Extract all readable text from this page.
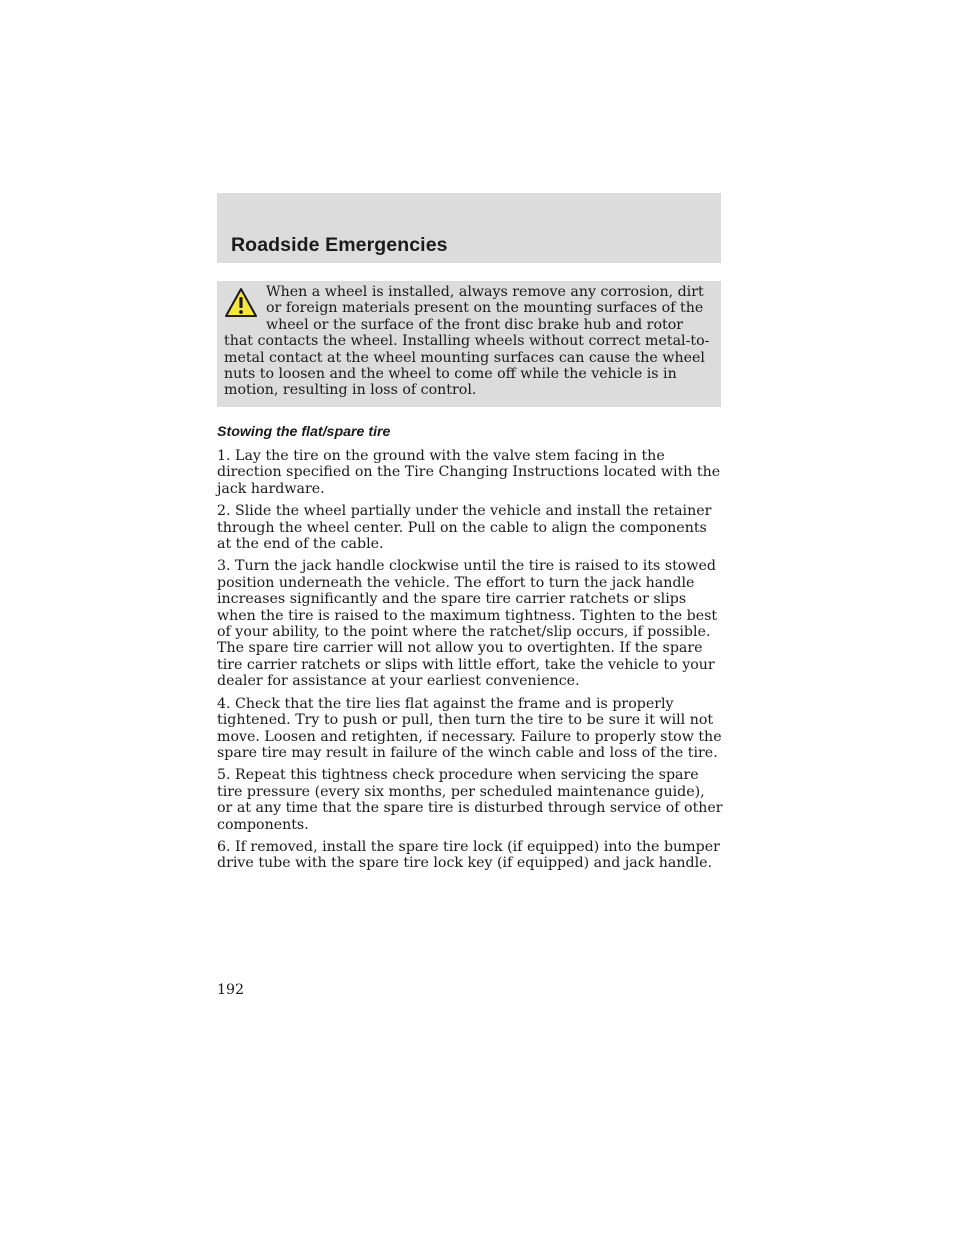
Roadside Emergencies

When a wheel is installed, always remove any corrosion, dirt or foreign materials present on the mounting surfaces of the wheel or the surface of the front disc brake hub and rotor that contacts the wheel. Installing wheels without correct metal-to-metal contact at the wheel mounting surfaces can cause the wheel nuts to loosen and the wheel to come off while the vehicle is in motion, resulting in loss of control.

Stowing the flat/spare tire

1. Lay the tire on the ground with the valve stem facing in the direction specified on the Tire Changing Instructions located with the jack hardware.

2. Slide the wheel partially under the vehicle and install the retainer through the wheel center. Pull on the cable to align the components at the end of the cable.

3. Turn the jack handle clockwise until the tire is raised to its stowed position underneath the vehicle. The effort to turn the jack handle increases significantly and the spare tire carrier ratchets or slips when the tire is raised to the maximum tightness. Tighten to the best of your ability, to the point where the ratchet/slip occurs, if possible. The spare tire carrier will not allow you to overtighten. If the spare tire carrier ratchets or slips with little effort, take the vehicle to your dealer for assistance at your earliest convenience.

4. Check that the tire lies flat against the frame and is properly tightened. Try to push or pull, then turn the tire to be sure it will not move. Loosen and retighten, if necessary. Failure to properly stow the spare tire may result in failure of the winch cable and loss of the tire.

5. Repeat this tightness check procedure when servicing the spare tire pressure (every six months, per scheduled maintenance guide), or at any time that the spare tire is disturbed through service of other components.

6. If removed, install the spare tire lock (if equipped) into the bumper drive tube with the spare tire lock key (if equipped) and jack handle.

192
